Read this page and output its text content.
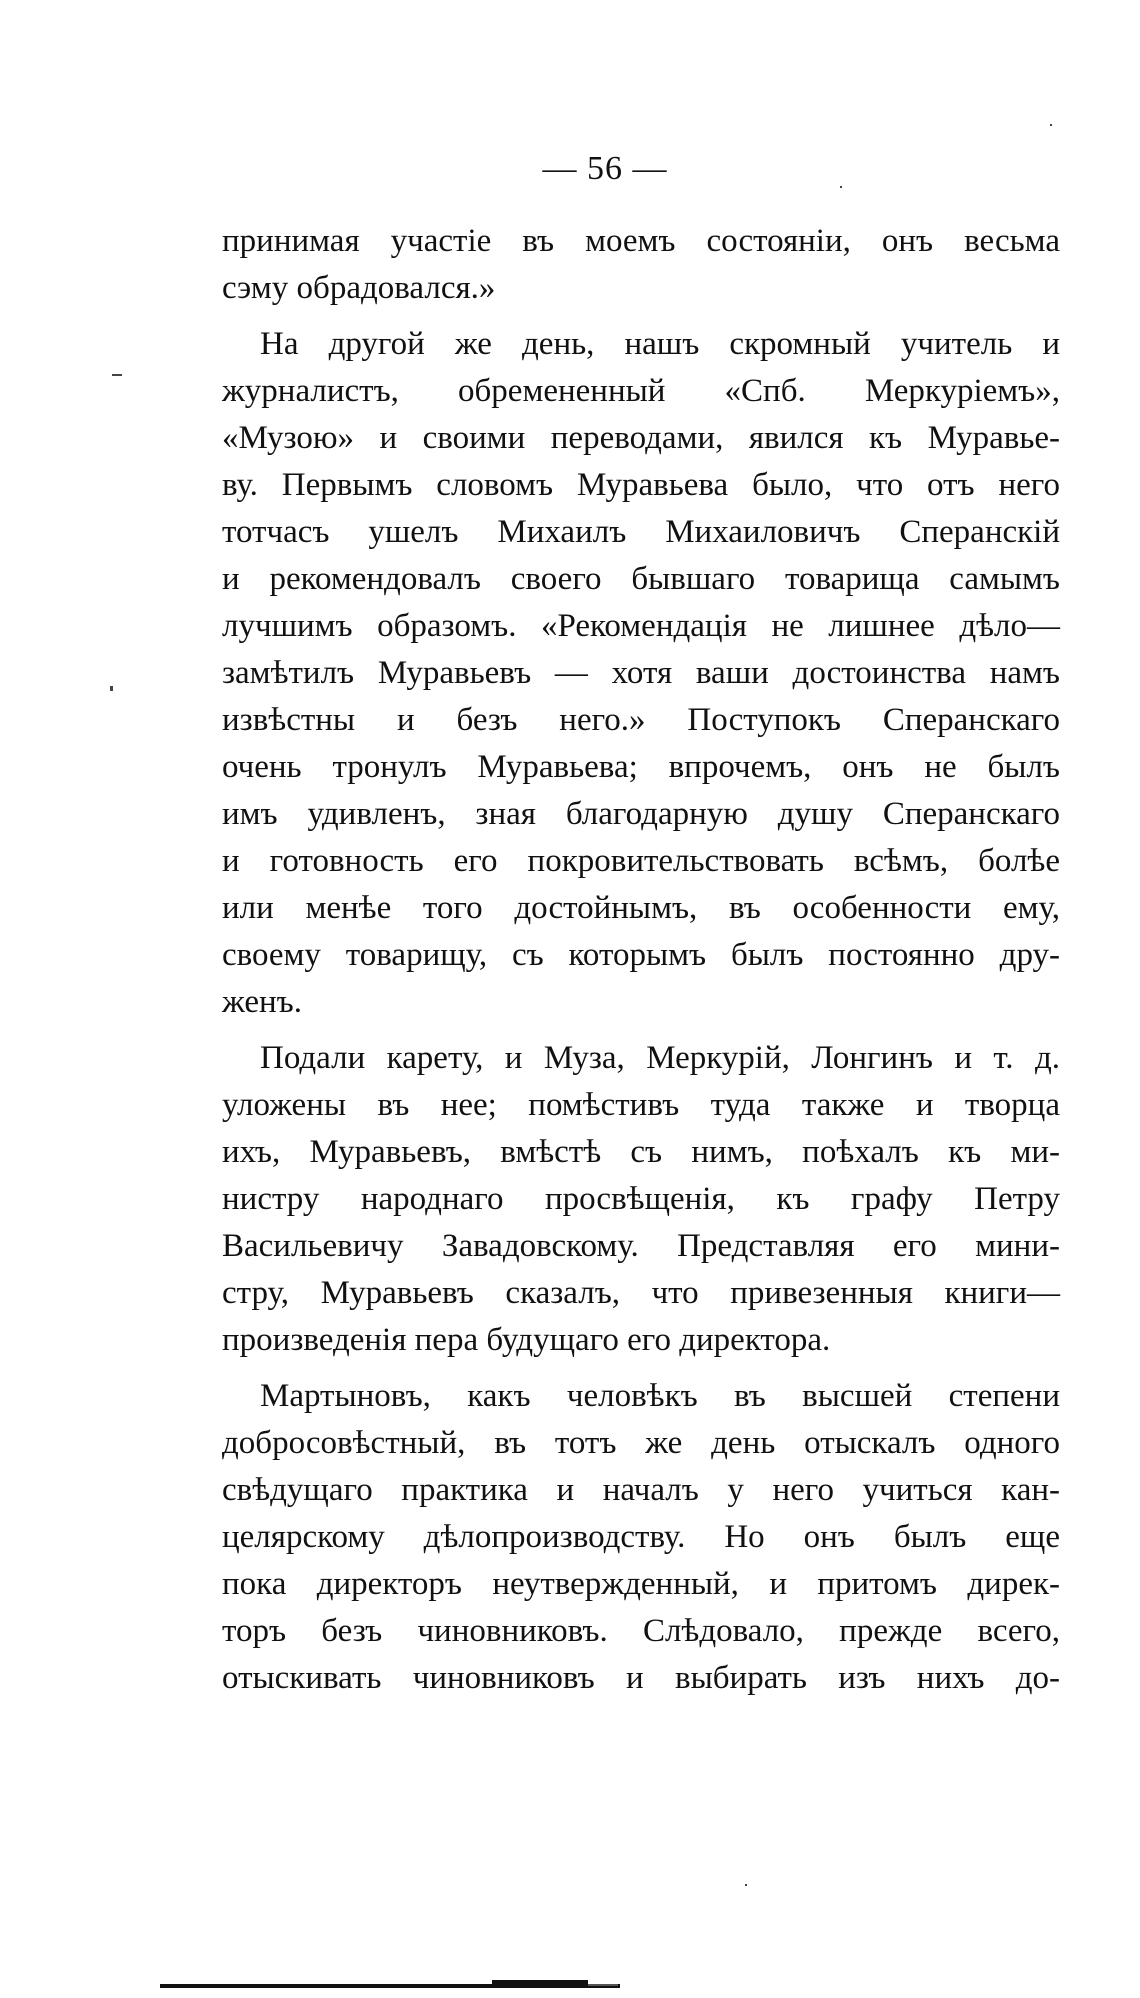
— 56 —
принимая участіе въ моемъ состояніи, онъ весьма
сэму обрадовался.»
На другой же день, нашъ скромный учитель и
журналистъ, обремененный «Спб. Меркуріемъ»,
«Музою» и своими переводами, явился къ Муравье-
ву. Первымъ словомъ Муравьева было, что отъ него
тотчасъ ушелъ Михаилъ Михаиловичъ Сперанскій
и рекомендовалъ своего бывшаго товарища самымъ
лучшимъ образомъ. «Рекомендація не лишнее дѣло—
замѣтилъ Муравьевъ — хотя ваши достоинства намъ
извѣстны и безъ него.» Поступокъ Сперанскаго
очень тронулъ Муравьева; впрочемъ, онъ не былъ
имъ удивленъ, зная благодарную душу Сперанскаго
и готовность его покровительствовать всѣмъ, болѣе
или менѣе того достойнымъ, въ особенности ему,
своему товарищу, съ которымъ былъ постоянно дру-
женъ.
Подали карету, и Муза, Меркурій, Лонгинъ и т. д.
уложены въ нее; помѣстивъ туда также и творца
ихъ, Муравьевъ, вмѣстѣ съ нимъ, поѣхалъ къ ми-
нистру народнаго просвѣщенія, къ графу Петру
Васильевичу Завадовскому. Представляя его мини-
стру, Муравьевъ сказалъ, что привезенныя книги—
произведенія пера будущаго его директора.
Мартыновъ, какъ человѣкъ въ высшей степени
добросовѣстный, въ тотъ же день отыскалъ одного
свѣдущаго практика и началъ у него учиться кан-
целярскому дѣлопроизводству. Но онъ былъ еще
пока директоръ неутвержденный, и притомъ дирек-
торъ безъ чиновниковъ. Слѣдовало, прежде всего,
отыскивать чиновниковъ и выбирать изъ нихъ до-
